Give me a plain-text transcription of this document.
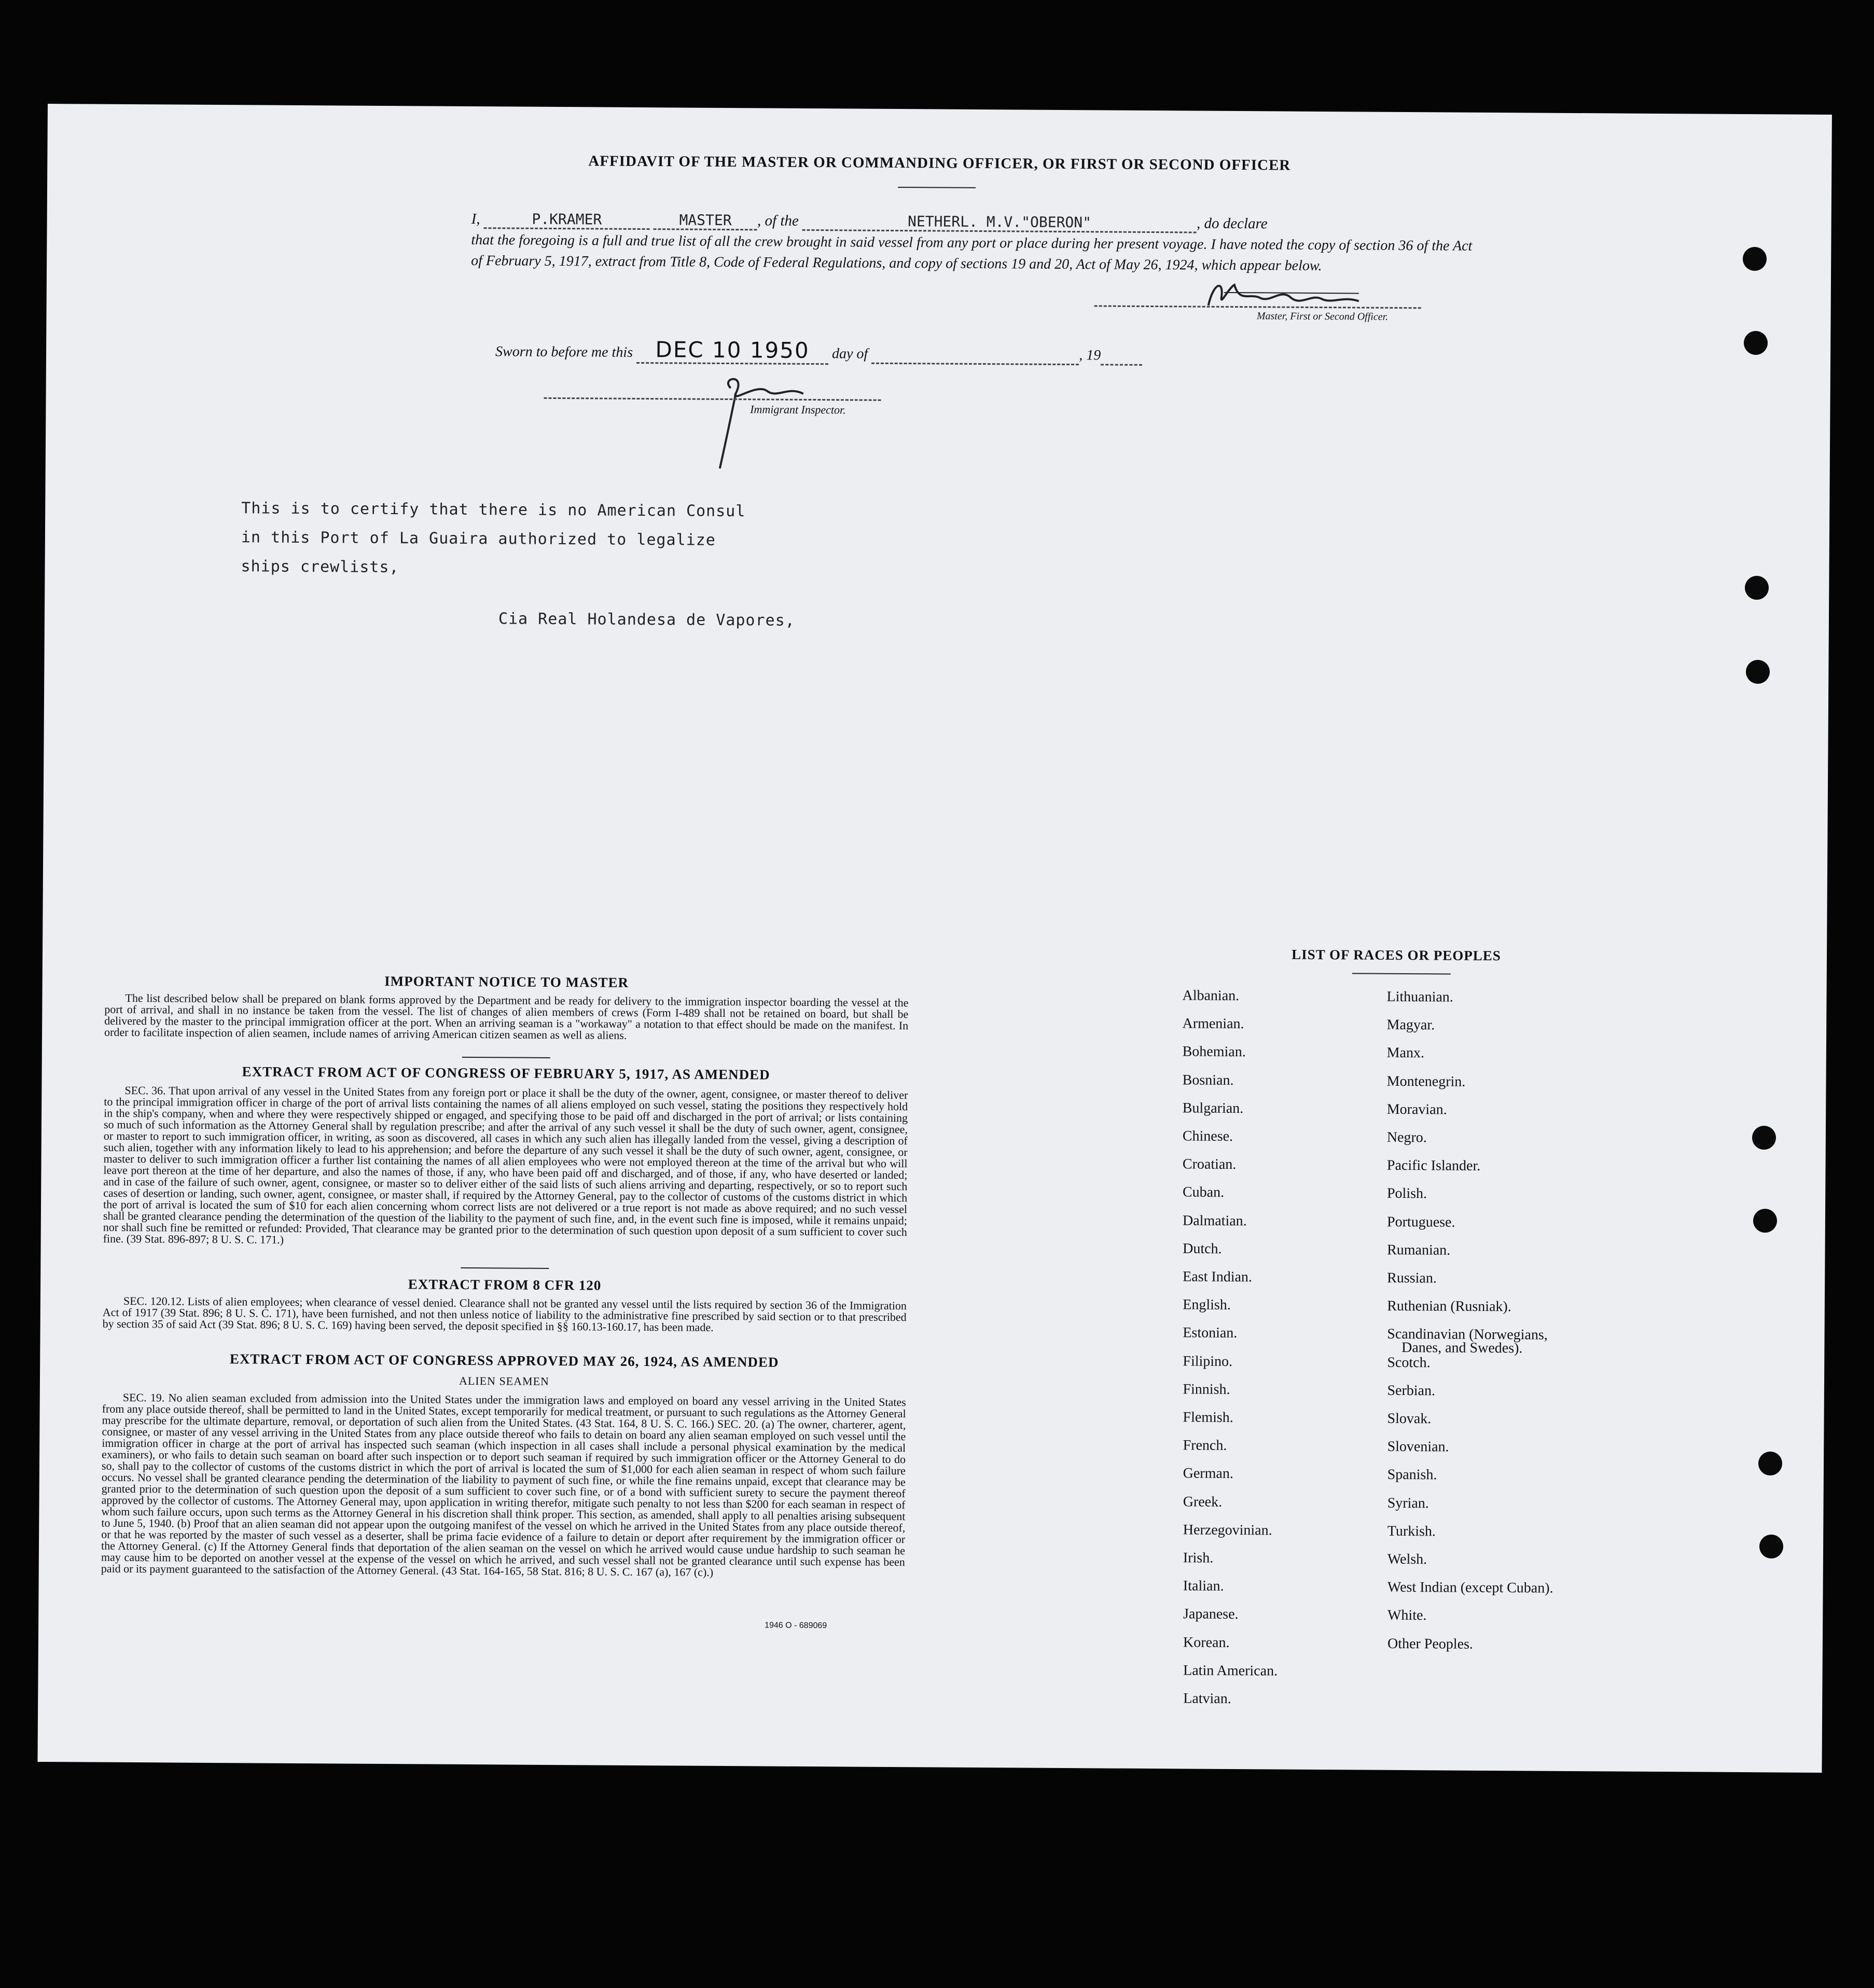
AFFIDAVIT OF THE MASTER OR COMMANDING OFFICER, OR FIRST OR SECOND OFFICER
I,	P.KRAMER	MASTER , of the	NETHERL. M.V."OBERON"	, do declare
that the foregoing is a full and true list of all the crew brought in said vessel from any port or place during her present voyage. I have noted the copy of section 36 of the Act of February 5, 1917, extract from Title 8, Code of Federal Regulations, and copy of sections 19 and 20, Act of May 26, 1924, which appear below.
Master, First or Second Officer.
Sworn to before me this DEC 10 1950 day of	, 19
Immigrant Inspector.
This is to certify that there is no American Consul
in this Port of La Guaira authorized to legalize
ships crewlists,
Cia Real Holandesa de Vapores,
IMPORTANT NOTICE TO MASTER
The list described below shall be prepared on blank forms approved by the Department and be ready for delivery to the immigration inspector boarding the vessel at the port of arrival, and shall in no instance be taken from the vessel. The list of changes of alien members of crews (Form I-489 shall not be retained on board, but shall be delivered by the master to the principal immigration officer at the port. When an arriving seaman is a "workaway" a notation to that effect should be made on the manifest. In order to facilitate inspection of alien seamen, include names of arriving American citizen seamen as well as aliens.
EXTRACT FROM ACT OF CONGRESS OF FEBRUARY 5, 1917, AS AMENDED
SEC. 36. That upon arrival of any vessel in the United States from any foreign port or place it shall be the duty of the owner, agent, consignee, or master thereof to deliver to the principal immigration officer in charge of the port of arrival lists containing the names of all aliens employed on such vessel, stating the positions they respectively hold in the ship's company, when and where they were respectively shipped or engaged, and specifying those to be paid off and discharged in the port of arrival; or lists containing so much of such information as the Attorney General shall by regulation prescribe; and after the arrival of any such vessel it shall be the duty of such owner, agent, consignee, or master to report to such immigration officer, in writing, as soon as discovered, all cases in which any such alien has illegally landed from the vessel, giving a description of such alien, together with any information likely to lead to his apprehension; and before the departure of any such vessel it shall be the duty of such owner, agent, consignee, or master to deliver to such immigration officer a further list containing the names of all alien employees who were not employed thereon at the time of the arrival but who will leave port thereon at the time of her departure, and also the names of those, if any, who have been paid off and discharged, and of those, if any, who have deserted or landed; and in case of the failure of such owner, agent, consignee, or master so to deliver either of the said lists of such aliens arriving and departing, respectively, or so to report such cases of desertion or landing, such owner, agent, consignee, or master shall, if required by the Attorney General, pay to the collector of customs of the customs district in which the port of arrival is located the sum of $10 for each alien concerning whom correct lists are not delivered or a true report is not made as above required; and no such vessel shall be granted clearance pending the determination of the question of the liability to the payment of such fine, and, in the event such fine is imposed, while it remains unpaid; nor shall such fine be remitted or refunded: Provided, That clearance may be granted prior to the determination of such question upon deposit of a sum sufficient to cover such fine. (39 Stat. 896-897; 8 U. S. C. 171.)
EXTRACT FROM 8 CFR 120
SEC. 120.12. Lists of alien employees; when clearance of vessel denied. Clearance shall not be granted any vessel until the lists required by section 36 of the Immigration Act of 1917 (39 Stat. 896; 8 U. S. C. 171), have been furnished, and not then unless notice of liability to the administrative fine prescribed by said section or to that prescribed by section 35 of said Act (39 Stat. 896; 8 U. S. C. 169) having been served, the deposit specified in §§ 160.13-160.17, has been made.
EXTRACT FROM ACT OF CONGRESS APPROVED MAY 26, 1924, AS AMENDED
ALIEN SEAMEN
SEC. 19. No alien seaman excluded from admission into the United States under the immigration laws and employed on board any vessel arriving in the United States from any place outside thereof, shall be permitted to land in the United States, except temporarily for medical treatment, or pursuant to such regulations as the Attorney General may prescribe for the ultimate departure, removal, or deportation of such alien from the United States. (43 Stat. 164, 8 U. S. C. 166.) SEC. 20. (a) The owner, charterer, agent, consignee, or master of any vessel arriving in the United States from any place outside thereof who fails to detain on board any alien seaman employed on such vessel until the immigration officer in charge at the port of arrival has inspected such seaman (which inspection in all cases shall include a personal physical examination by the medical examiners), or who fails to detain such seaman on board after such inspection or to deport such seaman if required by such immigration officer or the Attorney General to do so, shall pay to the collector of customs of the customs district in which the port of arrival is located the sum of $1,000 for each alien seaman in respect of whom such failure occurs. No vessel shall be granted clearance pending the determination of the liability to payment of such fine, or while the fine remains unpaid, except that clearance may be granted prior to the determination of such question upon the deposit of a sum sufficient to cover such fine, or of a bond with sufficient surety to secure the payment thereof approved by the collector of customs. The Attorney General may, upon application in writing therefor, mitigate such penalty to not less than $200 for each seaman in respect of whom such failure occurs, upon such terms as the Attorney General in his discretion shall think proper. This section, as amended, shall apply to all penalties arising subsequent to June 5, 1940. (b) Proof that an alien seaman did not appear upon the outgoing manifest of the vessel on which he arrived in the United States from any place outside thereof, or that he was reported by the master of such vessel as a deserter, shall be prima facie evidence of a failure to detain or deport after requirement by the immigration officer or the Attorney General. (c) If the Attorney General finds that deportation of the alien seaman on the vessel on which he arrived would cause undue hardship to such seaman he may cause him to be deported on another vessel at the expense of the vessel on which he arrived, and such vessel shall not be granted clearance until such expense has been paid or its payment guaranteed to the satisfaction of the Attorney General. (43 Stat. 164-165, 58 Stat. 816; 8 U. S. C. 167 (a), 167 (c).)
1946 O - 689069
LIST OF RACES OR PEOPLES
Albanian.
Armenian.
Bohemian.
Bosnian.
Bulgarian.
Chinese.
Croatian.
Cuban.
Dalmatian.
Dutch.
East Indian.
English.
Estonian.
Filipino.
Finnish.
Flemish.
French.
German.
Greek.
Herzegovinian.
Irish.
Italian.
Japanese.
Korean.
Latin American.
Latvian.
Lithuanian.
Magyar.
Manx.
Montenegrin.
Moravian.
Negro.
Pacific Islander.
Polish.
Portuguese.
Rumanian.
Russian.
Ruthenian (Rusniak).
Scandinavian (Norwegians,
Danes, and Swedes).
Scotch.
Serbian.
Slovak.
Slovenian.
Spanish.
Syrian.
Turkish.
Welsh.
West Indian (except Cuban).
White.
Other Peoples.
